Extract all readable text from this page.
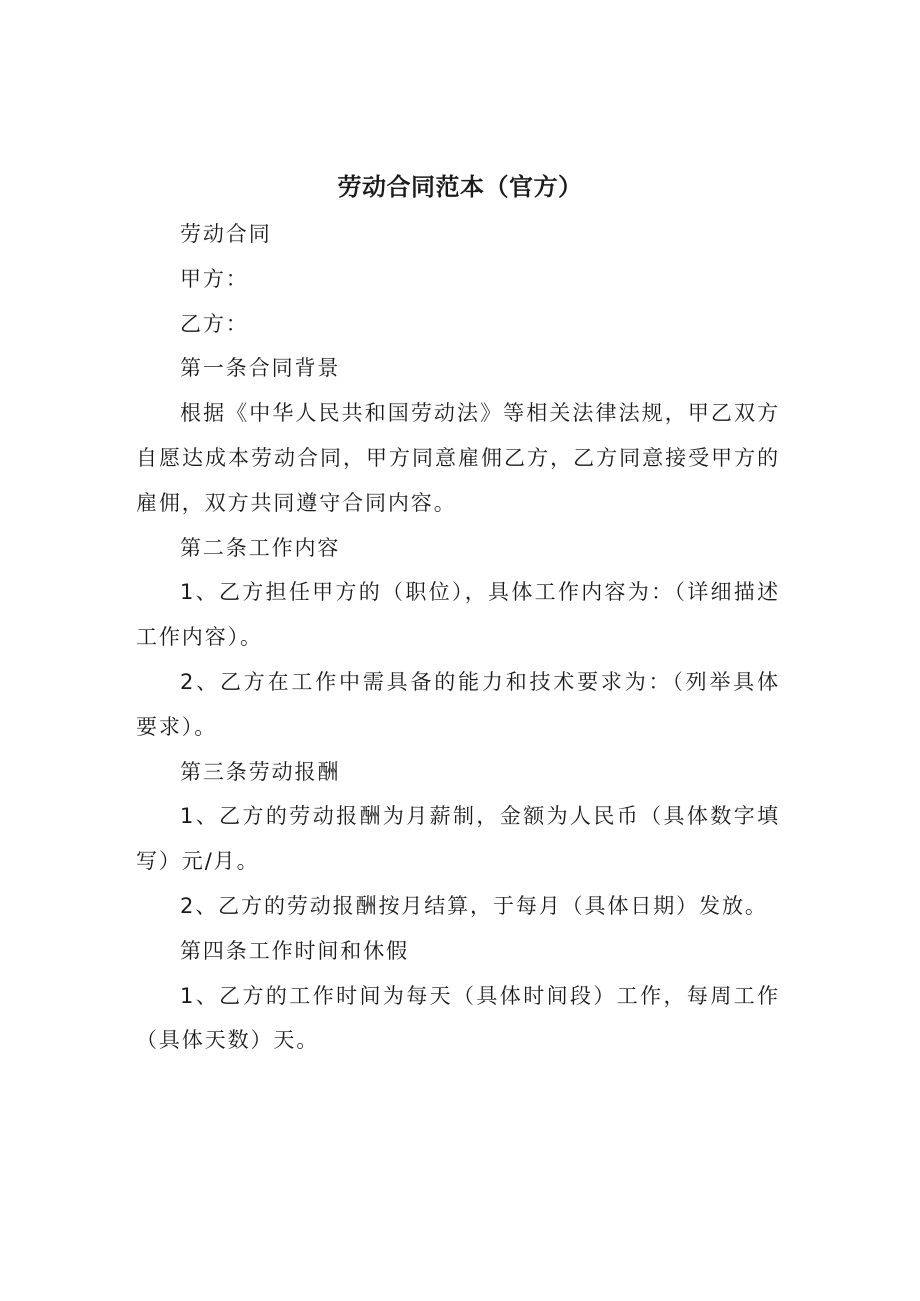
劳动合同范本（官方）

劳动合同

甲方：

乙方：

第一条合同背景

根据《中华人民共和国劳动法》等相关法律法规，甲乙双方自愿达成本劳动合同，甲方同意雇佣乙方，乙方同意接受甲方的雇佣，双方共同遵守合同内容。

第二条工作内容

1、乙方担任甲方的（职位），具体工作内容为：（详细描述工作内容）。

2、乙方在工作中需具备的能力和技术要求为：（列举具体要求）。

第三条劳动报酬

1、乙方的劳动报酬为月薪制，金额为人民币（具体数字填写）元/月。

2、乙方的劳动报酬按月结算，于每月（具体日期）发放。

第四条工作时间和休假

1、乙方的工作时间为每天（具体时间段）工作，每周工作（具体天数）天。
